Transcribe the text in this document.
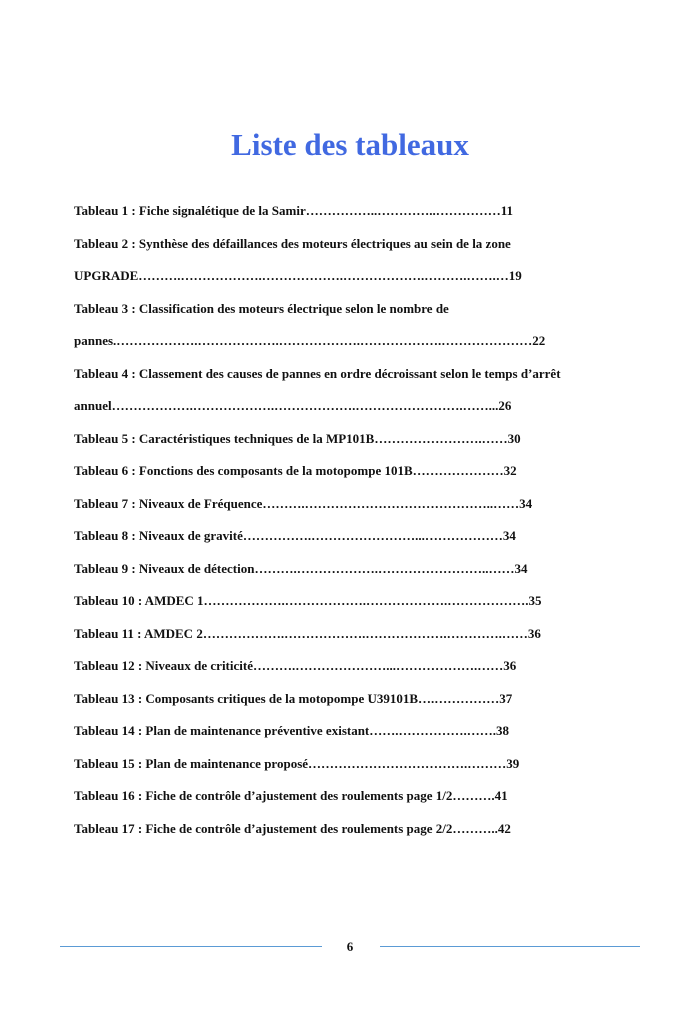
Liste des tableaux
Tableau 1 : Fiche signalétique de la Samir……………..…………..……………11
Tableau 2 : Synthèse des défaillances des moteurs électriques au sein de la zone
UPGRADE……….……………….……………….……………….……….…….…19
Tableau 3 : Classification des moteurs électrique selon le nombre de
pannes.……………….……………….……………….……………….…………………22
Tableau 4 : Classement des causes de pannes en ordre décroissant selon le temps d’arrêt
annuel……………….……………….……………….…………………….……...26
Tableau 5 : Caractéristiques techniques de la MP101B…………………….……30
Tableau 6 : Fonctions des composants de la motopompe 101B…………………32
Tableau 7 : Niveaux de Fréquence……….……………………………………..……34
Tableau 8 : Niveaux de gravité…………….……………………...………………34
Tableau 9 : Niveaux de détection……….……………….……………………..……34
Tableau 10 : AMDEC 1……………….……………….……………….……………….35
Tableau 11 : AMDEC 2……………….……………….……………….………….……36
Tableau 12 : Niveaux de criticité……….…………………...……………….……36
Tableau 13 : Composants critiques de la motopompe U39101B….……………37
Tableau 14 : Plan de maintenance préventive existant…….…………….…….38
Tableau 15 : Plan de maintenance proposé……………………………….………39
Tableau 16 : Fiche de contrôle d’ajustement des roulements page 1/2……….41
Tableau 17 : Fiche de contrôle d’ajustement des roulements page 2/2………..42
6
